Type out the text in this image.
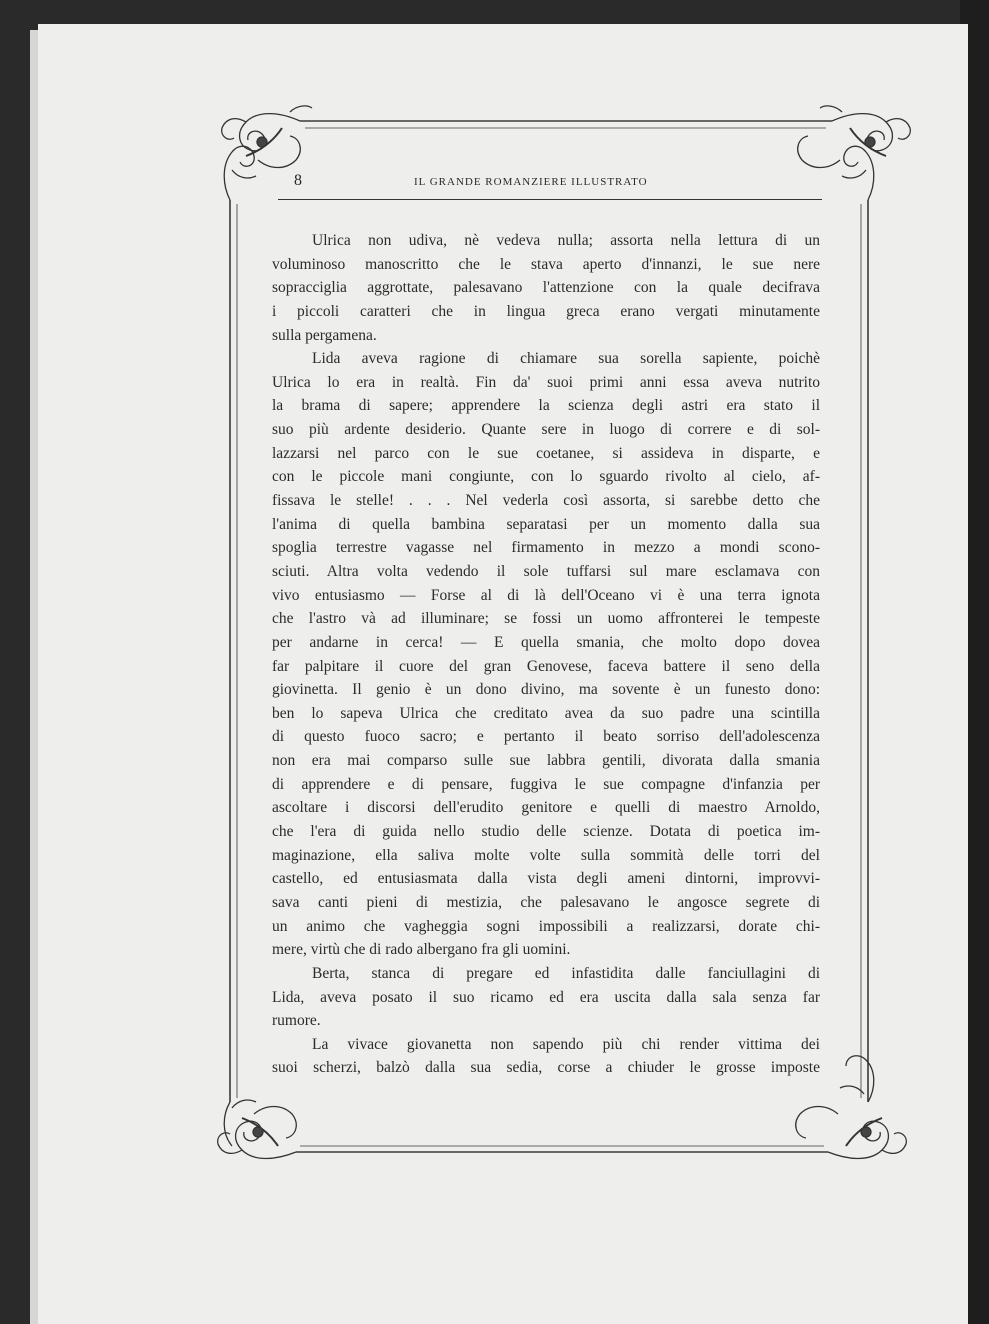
8	IL GRANDE ROMANZIERE ILLUSTRATO
Ulrica non udiva, nè vedeva nulla; assorta nella lettura di un
voluminoso manoscritto che le stava aperto d'innanzi, le sue nere
sopracciglia aggrottate, palesavano l'attenzione con la quale decifrava
i piccoli caratteri che in lingua greca erano vergati minutamente
sulla pergamena.
Lida aveva ragione di chiamare sua sorella sapiente, poichè
Ulrica lo era in realtà. Fin da' suoi primi anni essa aveva nutrito
la brama di sapere; apprendere la scienza degli astri era stato il
suo più ardente desiderio. Quante sere in luogo di correre e di sol-
lazzarsi nel parco con le sue coetanee, si assideva in disparte, e
con le piccole mani congiunte, con lo sguardo rivolto al cielo, af-
fissava le stelle! . . . Nel vederla così assorta, si sarebbe detto che
l'anima di quella bambina separatasi per un momento dalla sua
spoglia terrestre vagasse nel firmamento in mezzo a mondi scono-
sciuti. Altra volta vedendo il sole tuffarsi sul mare esclamava con
vivo entusiasmo — Forse al di là dell'Oceano vi è una terra ignota
che l'astro và ad illuminare; se fossi un uomo affronterei le tempeste
per andarne in cerca! — E quella smania, che molto dopo dovea
far palpitare il cuore del gran Genovese, faceva battere il seno della
giovinetta. Il genio è un dono divino, ma sovente è un funesto dono:
ben lo sapeva Ulrica che creditato avea da suo padre una scintilla
di questo fuoco sacro; e pertanto il beato sorriso dell'adolescenza
non era mai comparso sulle sue labbra gentili, divorata dalla smania
di apprendere e di pensare, fuggiva le sue compagne d'infanzia per
ascoltare i discorsi dell'erudito genitore e quelli di maestro Arnoldo,
che l'era di guida nello studio delle scienze. Dotata di poetica im-
maginazione, ella saliva molte volte sulla sommità delle torri del
castello, ed entusiasmata dalla vista degli ameni dintorni, improvvi-
sava canti pieni di mestizia, che palesavano le angosce segrete di
un animo che vagheggia sogni impossibili a realizzarsi, dorate chi-
mere, virtù che di rado albergano fra gli uomini.
Berta, stanca di pregare ed infastidita dalle fanciullagini di
Lida, aveva posato il suo ricamo ed era uscita dalla sala senza far
rumore.
La vivace giovanetta non sapendo più chi render vittima dei
suoi scherzi, balzò dalla sua sedia, corse a chiuder le grosse imposte
